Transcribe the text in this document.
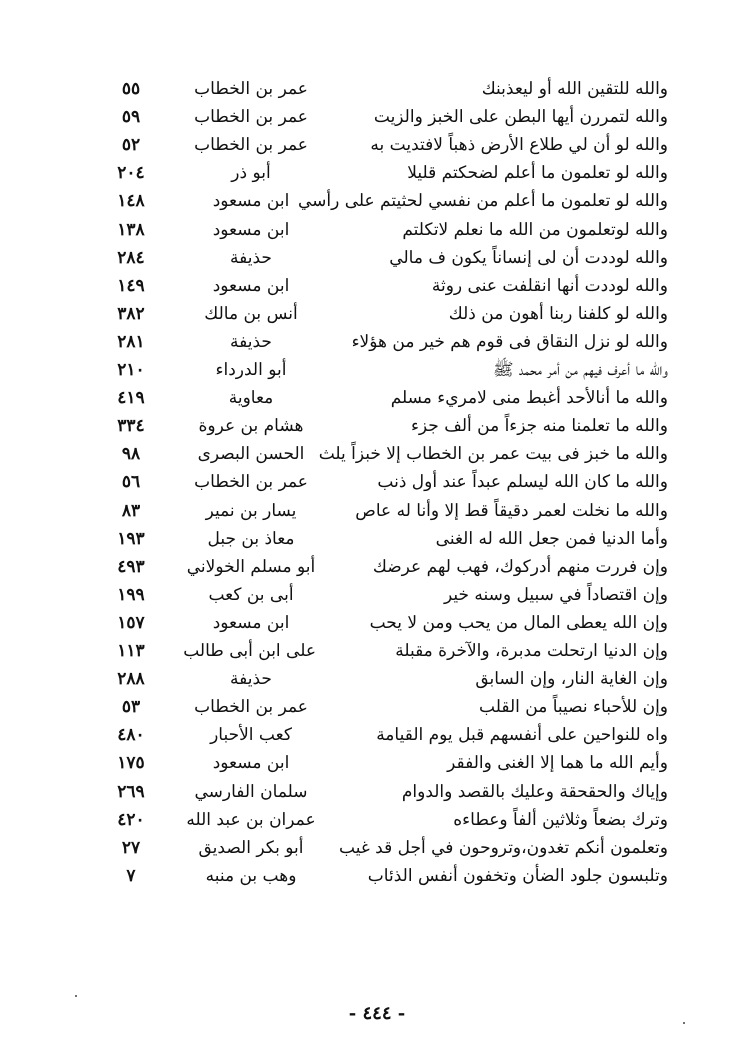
والله للتقين الله أو ليعذبنك
عمر بن الخطاب
٥٥
والله لتمررن أيها البطن على الخبز والزيت
عمر بن الخطاب
٥٩
والله لو أن لي طلاع الأرض ذهباً لافتديت به
عمر بن الخطاب
٥٢
والله لو تعلمون ما أعلم لضحكتم قليلا
أبو ذر
٢٠٤
والله لو تعلمون ما أعلم من نفسي لحثيتم على رأسي
ابن مسعود
١٤٨
والله لوتعلمون من الله ما نعلم لاتكلتم
ابن مسعود
١٣٨
والله لوددت أن لى إنساناً يكون ف مالي
حذيفة
٢٨٤
والله لوددت أنها انقلفت عنى روثة
ابن مسعود
١٤٩
والله لو كلفنا ربنا أهون من ذلك
أنس بن مالك
٣٨٢
والله لو نزل النقاق فى قوم هم خير من هؤلاء
حذيفة
٢٨١
والله ما أعرف فيهم من أمر محمد ﷺ
أبو الدرداء
٢١٠
والله ما أنالأحد أغبط منى لامريء مسلم
معاوية
٤١٩
والله ما تعلمنا منه جزءاً من ألف جزء
هشام بن عروة
٣٣٤
والله ما خبز فى بيت عمر بن الخطاب إلا خبزاً يلث
الحسن البصرى
٩٨
والله ما كان الله ليسلم عبداً عند أول ذنب
عمر بن الخطاب
٥٦
والله ما نخلت لعمر دقيقاً قط إلا وأنا له عاص
يسار بن نمير
٨٣
وأما الدنيا فمن جعل الله له الغنى
معاذ بن جبل
١٩٣
وإن فررت منهم أدركوك، فهب لهم عرضك
أبو مسلم الخولاني
٤٩٣
وإن اقتصاداً في سبيل وسنه خير
أبى بن كعب
١٩٩
وإن الله يعطى المال من يحب ومن لا يحب
ابن مسعود
١٥٧
وإن الدنيا ارتحلت مدبرة، والآخرة مقبلة
على ابن أبى طالب
١١٣
وإن الغاية النار، وإن السابق
حذيفة
٢٨٨
وإن للأحباء نصيباً من القلب
عمر بن الخطاب
٥٣
واه للنواحين على أنفسهم قبل يوم القيامة
كعب الأحبار
٤٨٠
وأيم الله ما هما إلا الغنى والفقر
ابن مسعود
١٧٥
وإياك والحقحقة وعليك بالقصد والدوام
سلمان الفارسي
٢٦٩
وترك بضعاً وثلاثين ألفاً وعطاءه
عمران بن عبد الله
٤٢٠
وتعلمون أنكم تغدون،وتروحون في أجل قد غيب
أبو بكر الصديق
٢٧
وتلبسون جلود الضأن وتخفون أنفس الذئاب
وهب بن منبه
٧
- ٤٤٤ -
